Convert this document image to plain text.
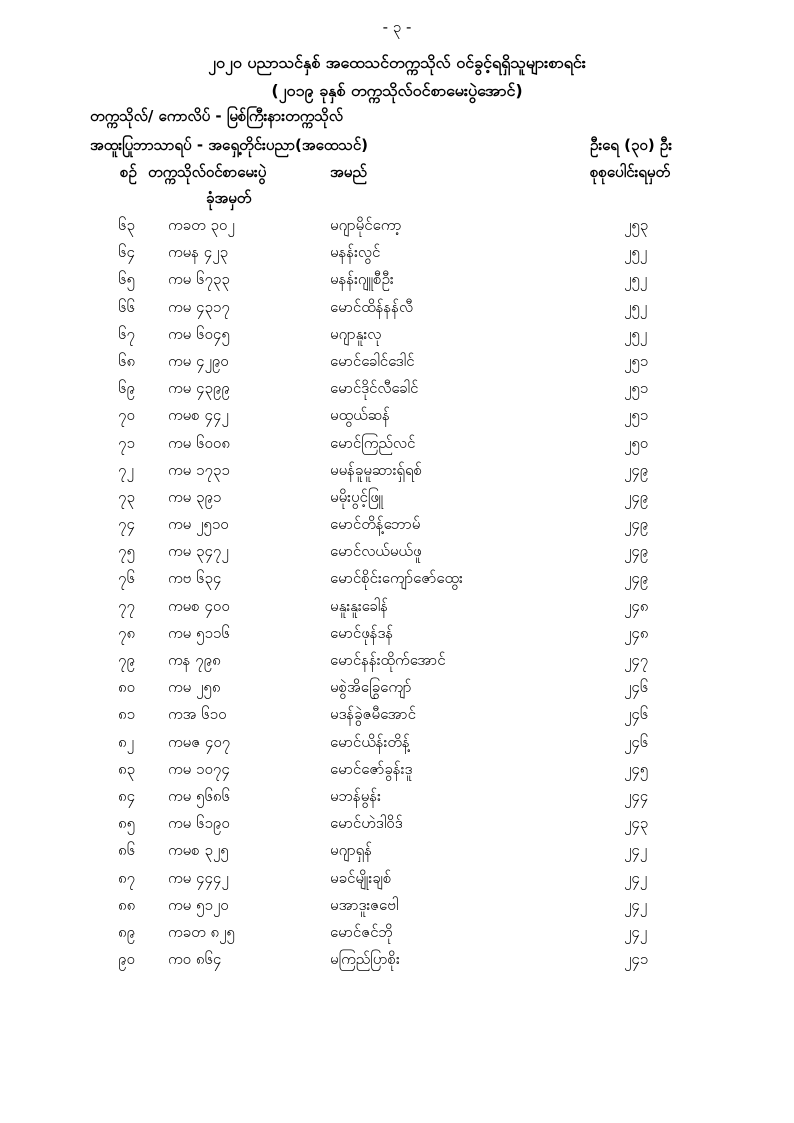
- ၃ -
၂၀၂၀ ပညာသင်နှစ် အထေသင်တက္ကသိုလ် ဝင်ခွင့်ရရှိသူများစာရင်း
(၂၀၁၉ ခုနှစ် တက္ကသိုလ်ဝင်စာမေးပွဲအောင်)
တက္ကသိုလ်/ ကောလိပ် - မြစ်ကြီးနားတက္ကသိုလ်
အထူးပြုဘာသာရပ် - အရှေ့တိုင်းပညာ(အထေသင်)	ဦးရေ (၃၀) ဦး
စဉ် တက္ကသိုလ်ဝင်စာမေးပွဲ
ခုံအမှတ်
အမည်	စုစုပေါင်းရမှတ်
၆၃ ကခတ ၃၀၂	မဂျာမိုင်ကော့	၂၅၃
၆၄ ကမန ၄၂၃	မနန်းလွင်	၂၅၂
၆၅ ကမ ၆၇၃၃	မနန်းဂျူစီဦး	၂၅၂
၆၆ ကမ ၄၃၁၇	မောင်ထိန်နန်လီ	၂၅၂
၆၇ ကမ ၆၀၄၅	မဂျာနူးလု	၂၅၂
၆၈ ကမ ၄၂၉၀	မောင်ခေါင်ဒေါင်	၂၅၁
၆၉ ကမ ၄၃၉၉	မောင်ဒိုင်လီခေါင်	၂၅၁
၇၀ ကမစ ၄၄၂	မထွယ်ဆန်	၂၅၁
၇၁ ကမ ၆၀၀၈	မောင်ကြည်လင်	၂၅၀
၇၂ ကမ ၁၇၃၁	မမန်ခူမူဆားရှ်ရစ်	၂၄၉
၇၃ ကမ ၃၉၁	မမိုးပွင့်ဖြူ	၂၄၉
၇၄ ကမ ၂၅၁၀	မောင်တိန့်ဘောမ်	၂၄၉
၇၅ ကမ ၃၄၇၂	မောင်လယ်မယ်ဖူ	၂၄၉
၇၆ ကဗ ၆၃၄	မောင်စိုင်းကျော်ဇော်ထွေး	၂၄၉
၇၇ ကမစ ၄၀၀	မနူးနူးခေါန်	၂၄၈
၇၈ ကမ ၅၁၁၆	မောင်ဖုန်ဒန်	၂၄၈
၇၉ ကန ၇၉၈	မောင်နန်းထိုက်အောင်	၂၄၇
၈၀ ကမ ၂၅၈	မစွဲအိခြွေကျော်	၂၄၆
၈၁ ကအ ၆၁၀	မဒန်ခွဲဇမီအောင်	၂၄၆
၈၂ ကမဇ ၄၀၇	မောင်ယိန်းတိန့်	၂၄၆
၈၃ ကမ ၁၀၇၄	မောင်ဇော်ခွန်းဒူ	၂၄၅
၈၄ ကမ ၅၆၈၆	မဘန်မွန်း	၂၄၄
၈၅ ကမ ၆၁၉၀	မောင်ဟဲဒါဝိဒ်	၂၄၃
၈၆ ကမစ ၃၂၅	မဂျာရှန်	၂၄၂
၈၇ ကမ ၄၄၄၂	မခင်မျိုးချစ်	၂၄၂
၈၈ ကမ ၅၁၂၀	မအာဒူးဇဗေါ	၂၄၂
၈၉ ကခတ ၈၂၅	မောင်ဇင်ဘို	၂၄၂
၉၀ ကဝ ၈၆၄	မကြည်ပြာစိုး	၂၄၁
